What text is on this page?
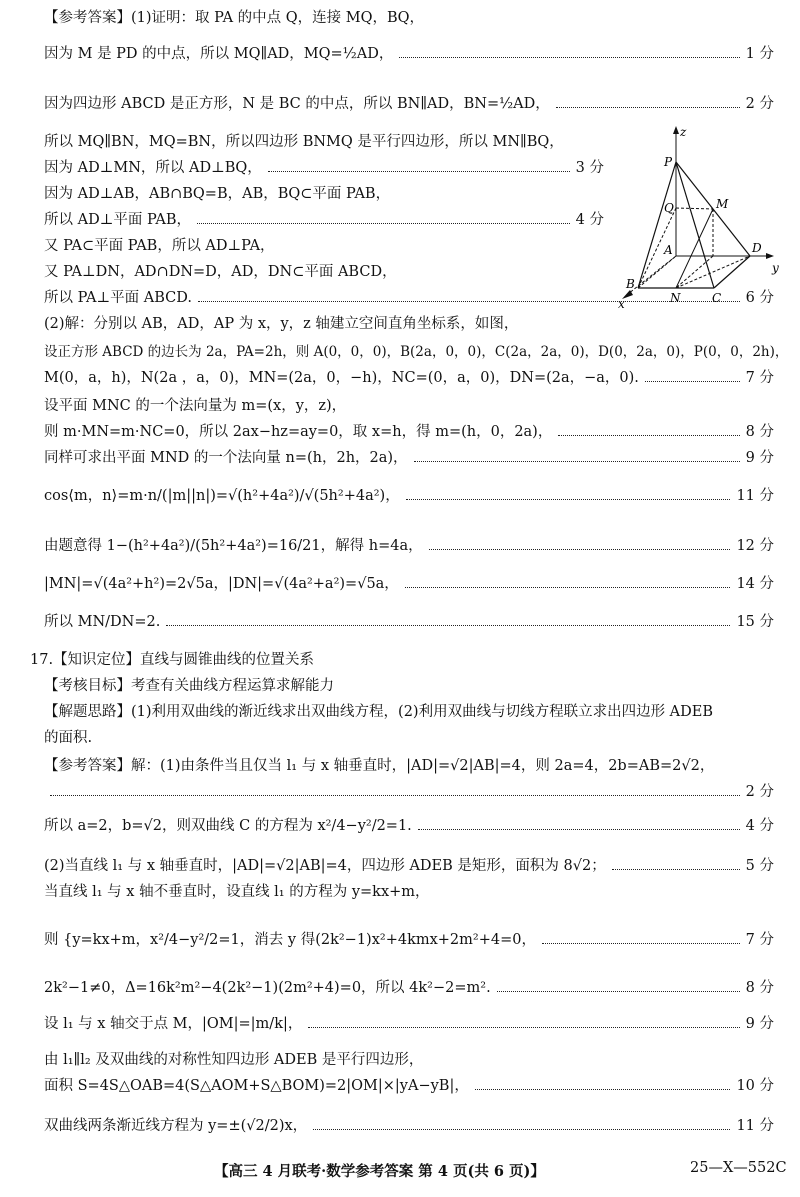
【参考答案】(1)证明：取 PA 的中点 Q，连接 MQ，BQ，
因为 M 是 PD 的中点，所以 MQ∥AD，MQ=½AD，	1 分
因为四边形 ABCD 是正方形，N 是 BC 的中点，所以 BN∥AD，BN=½AD，	2 分
所以 MQ∥BN，MQ=BN，所以四边形 BNMQ 是平行四边形，所以 MN∥BQ，
因为 AD⊥MN，所以 AD⊥BQ，	3 分
因为 AD⊥AB，AB∩BQ=B，AB，BQ⊂平面 PAB，
所以 AD⊥平面 PAB，	4 分
又 PA⊂平面 PAB，所以 AD⊥PA，
又 PA⊥DN，AD∩DN=D，AD，DN⊂平面 ABCD，
所以 PA⊥平面 ABCD.	6 分
(2)解：分别以 AB，AD，AP 为 x，y，z 轴建立空间直角坐标系，如图，
设正方形 ABCD 的边长为 2a，PA=2h，则 A(0，0，0)，B(2a，0，0)，C(2a，2a，0)，D(0，2a，0)，P(0，0，2h)，
M(0，a，h)，N(2a ，a，0)，MN=(2a，0，−h)，NC=(0，a，0)，DN=(2a，−a，0).	7 分
设平面 MNC 的一个法向量为 m=(x，y，z)，
则 m·MN=m·NC=0，所以 2ax−hz=ay=0，取 x=h，得 m=(h，0，2a)，	8 分
同样可求出平面 MND 的一个法向量 n=(h，2h，2a)，	9 分
cos⟨m，n⟩=m·n/(|m||n|)=√(h²+4a²)/√(5h²+4a²)，	11 分
由题意得 1−(h²+4a²)/(5h²+4a²)=16/21，解得 h=4a，	12 分
|MN|=√(4a²+h²)=2√5a，|DN|=√(4a²+a²)=√5a，	14 分
所以 MN/DN=2.	15 分
17.【知识定位】直线与圆锥曲线的位置关系
【考核目标】考查有关曲线方程运算求解能力
【解题思路】(1)利用双曲线的渐近线求出双曲线方程，(2)利用双曲线与切线方程联立求出四边形 ADEB
的面积.
【参考答案】解：(1)由条件当且仅当 l₁ 与 x 轴垂直时，|AD|=√2|AB|=4，则 2a=4，2b=AB=2√2，
2 分
所以 a=2，b=√2，则双曲线 C 的方程为 x²/4−y²/2=1.	4 分
(2)当直线 l₁ 与 x 轴垂直时，|AD|=√2|AB|=4，四边形 ADEB 是矩形，面积为 8√2；	5 分
当直线 l₁ 与 x 轴不垂直时，设直线 l₁ 的方程为 y=kx+m，
则 {y=kx+m，x²/4−y²/2=1，消去 y 得(2k²−1)x²+4kmx+2m²+4=0，	7 分
2k²−1≠0，Δ=16k²m²−4(2k²−1)(2m²+4)=0，所以 4k²−2=m².	8 分
设 l₁ 与 x 轴交于点 M，|OM|=|m/k|，	9 分
由 l₁∥l₂ 及双曲线的对称性知四边形 ADEB 是平行四边形，
面积 S=4S△OAB=4(S△AOM+S△BOM)=2|OM|×|yA−yB|，	10 分
双曲线两条渐近线方程为 y=±(√2/2)x，	11 分
z
P
Q	M
A	D
y
B
N	C
x
【高三 4 月联考·数学参考答案 第 4 页(共 6 页)】	25—X—552C
